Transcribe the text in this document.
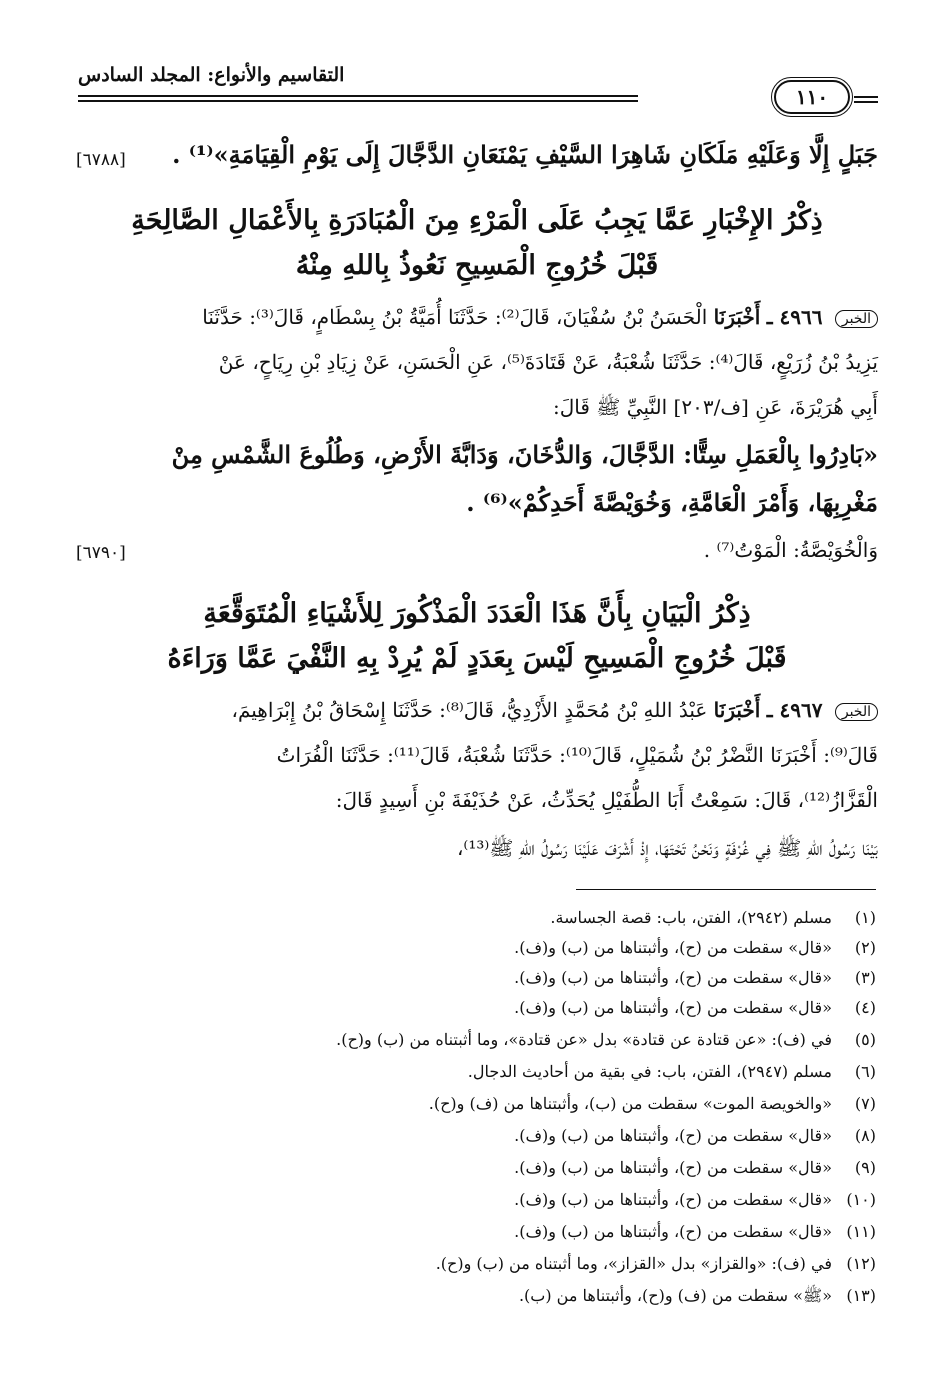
التقاسيم والأنواع: المجلد السادس
١١٠
جَبَلٍ إِلَّا وَعَلَيْهِ مَلَكَانِ شَاهِرَا السَّيْفِ يَمْنَعَانِ الدَّجَّالَ إِلَى يَوْمِ الْقِيَامَةِ»⁽¹⁾ .
[٦٧٨٨]
ذِكْرُ الإِخْبَارِ عَمَّا يَجِبُ عَلَى الْمَرْءِ مِنَ الْمُبَادَرَةِ بِالأَعْمَالِ الصَّالِحَةِ
قَبْلَ خُرُوجِ الْمَسِيحِ نَعُوذُ بِاللهِ مِنْهُ
الخبر ٤٩٦٦ ـ أَخْبَرَنَا الْحَسَنُ بْنُ سُفْيَانَ، قَالَ⁽²⁾: حَدَّثَنَا أُمَيَّةُ بْنُ بِسْطَامٍ، قَالَ⁽³⁾: حَدَّثَنَا
يَزِيدُ بْنُ زُرَيْعٍ، قَالَ⁽⁴⁾: حَدَّثَنَا شُعْبَةُ، عَنْ قَتَادَةَ⁽⁵⁾، عَنِ الْحَسَنِ، عَنْ زِيَادِ بْنِ رِيَاحٍ، عَنْ
أَبِي هُرَيْرَةَ، عَنِ [ف/٢٠٣] النَّبِيِّ ﷺ قَالَ:
«بَادِرُوا بِالْعَمَلِ سِتًّا: الدَّجَّالَ، وَالدُّخَانَ، وَدَابَّةَ الأَرْضِ، وَطُلُوعَ الشَّمْسِ مِنْ
مَغْرِبِهَا، وَأَمْرَ الْعَامَّةِ، وَخُوَيْصَّةَ أَحَدِكُمْ»⁽⁶⁾ .
وَالْخُوَيْصَّةُ: الْمَوْتُ⁽⁷⁾ .
[٦٧٩٠]
ذِكْرُ الْبَيَانِ بِأَنَّ هَذَا الْعَدَدَ الْمَذْكُورَ لِلأَشْيَاءِ الْمُتَوَقَّعَةِ
قَبْلَ خُرُوجِ الْمَسِيحِ لَيْسَ بِعَدَدٍ لَمْ يُرِدْ بِهِ النَّفْيَ عَمَّا وَرَاءَهُ
الخبر ٤٩٦٧ ـ أَخْبَرَنَا عَبْدُ اللهِ بْنُ مُحَمَّدٍ الأَزْدِيُّ، قَالَ⁽⁸⁾: حَدَّثَنَا إِسْحَاقُ بْنُ إِبْرَاهِيمَ،
قَالَ⁽⁹⁾: أَخْبَرَنَا النَّضْرُ بْنُ شُمَيْلٍ، قَالَ⁽¹⁰⁾: حَدَّثَنَا شُعْبَةُ، قَالَ⁽¹¹⁾: حَدَّثَنَا الْفُرَاتُ
الْقَزَّازُ⁽¹²⁾، قَالَ: سَمِعْتُ أَبَا الطُّفَيْلِ يُحَدِّثُ، عَنْ حُذَيْفَةَ بْنِ أَسِيدٍ قَالَ:
بَيْنَا رَسُولُ اللهِ ﷺ فِي غُرْفَةٍ وَنَحْنُ تَحْتَهَا، إِذْ أَشْرَفَ عَلَيْنَا رَسُولُ اللهِ ﷺ⁽¹³⁾،
(١)مسلم (٢٩٤٢)، الفتن، باب: قصة الجساسة.
(٢)«قال» سقطت من (ح)، وأثبتناها من (ب) و(ف).
(٣)«قال» سقطت من (ح)، وأثبتناها من (ب) و(ف).
(٤)«قال» سقطت من (ح)، وأثبتناها من (ب) و(ف).
(٥)في (ف): «عن قتادة عن قتادة» بدل «عن قتادة»، وما أثبتناه من (ب) و(ح).
(٦)مسلم (٢٩٤٧)، الفتن، باب: في بقية من أحاديث الدجال.
(٧)«والخويصة الموت» سقطت من (ب)، وأثبتناها من (ف) و(ح).
(٨)«قال» سقطت من (ح)، وأثبتناها من (ب) و(ف).
(٩)«قال» سقطت من (ح)، وأثبتناها من (ب) و(ف).
(١٠)«قال» سقطت من (ح)، وأثبتناها من (ب) و(ف).
(١١)«قال» سقطت من (ح)، وأثبتناها من (ب) و(ف).
(١٢)في (ف): «والقزاز» بدل «القزاز»، وما أثبتناه من (ب) و(ح).
(١٣)«ﷺ» سقطت من (ف) و(ح)، وأثبتناها من (ب).
